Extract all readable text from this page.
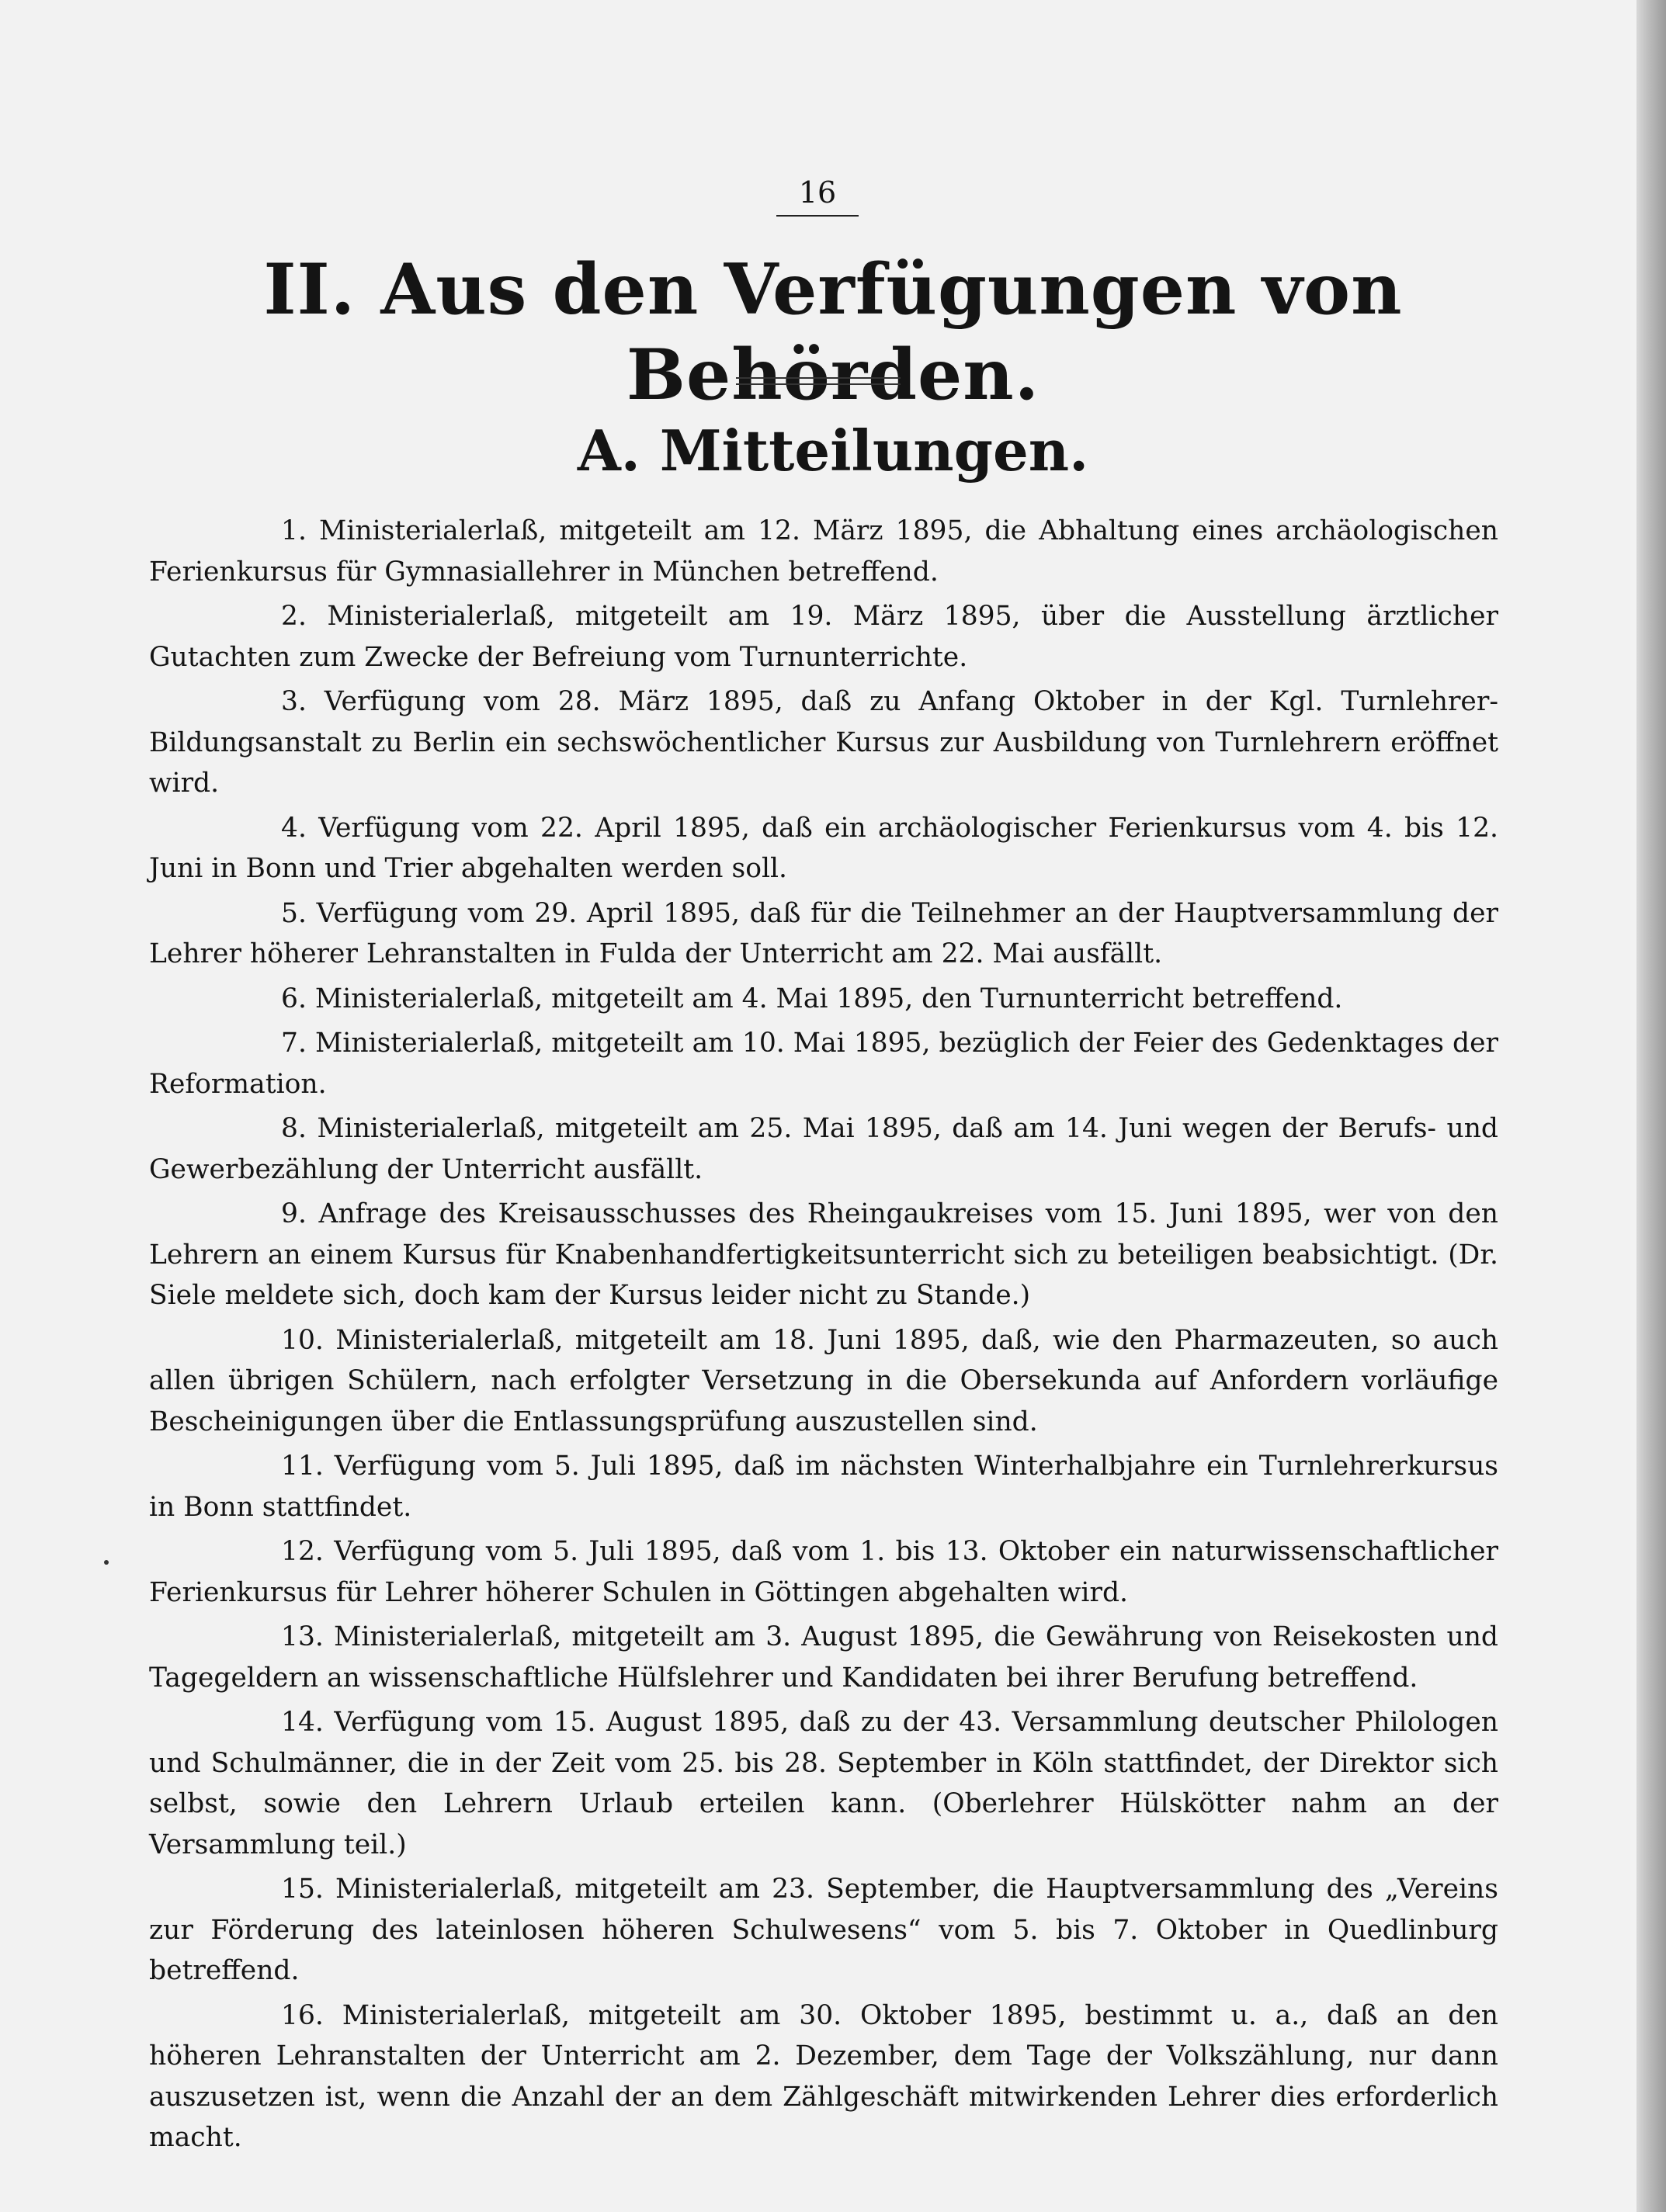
16
II. Aus den Verfügungen von Behörden.
A. Mitteilungen.

1. Ministerialerlaß, mitgeteilt am 12. März 1895, die Abhaltung eines archäologischen Ferienkursus für Gymnasiallehrer in München betreffend.

2. Ministerialerlaß, mitgeteilt am 19. März 1895, über die Ausstellung ärztlicher Gutachten zum Zwecke der Befreiung vom Turnunterrichte.

3. Verfügung vom 28. März 1895, daß zu Anfang Oktober in der Kgl. Turnlehrer-Bildungsanstalt zu Berlin ein sechswöchentlicher Kursus zur Ausbildung von Turnlehrern eröffnet wird.

4. Verfügung vom 22. April 1895, daß ein archäologischer Ferienkursus vom 4. bis 12. Juni in Bonn und Trier abgehalten werden soll.

5. Verfügung vom 29. April 1895, daß für die Teilnehmer an der Hauptversammlung der Lehrer höherer Lehranstalten in Fulda der Unterricht am 22. Mai ausfällt.

6. Ministerialerlaß, mitgeteilt am 4. Mai 1895, den Turnunterricht betreffend.

7. Ministerialerlaß, mitgeteilt am 10. Mai 1895, bezüglich der Feier des Gedenktages der Reformation.

8. Ministerialerlaß, mitgeteilt am 25. Mai 1895, daß am 14. Juni wegen der Berufs- und Gewerbezählung der Unterricht ausfällt.

9. Anfrage des Kreisausschusses des Rheingaukreises vom 15. Juni 1895, wer von den Lehrern an einem Kursus für Knabenhandfertigkeitsunterricht sich zu beteiligen beabsichtigt. (Dr. Siele meldete sich, doch kam der Kursus leider nicht zu Stande.)

10. Ministerialerlaß, mitgeteilt am 18. Juni 1895, daß, wie den Pharmazeuten, so auch allen übrigen Schülern, nach erfolgter Versetzung in die Obersekunda auf Anfordern vorläufige Bescheinigungen über die Entlassungsprüfung auszustellen sind.

11. Verfügung vom 5. Juli 1895, daß im nächsten Winterhalbjahre ein Turnlehrerkursus in Bonn stattfindet.

12. Verfügung vom 5. Juli 1895, daß vom 1. bis 13. Oktober ein naturwissenschaftlicher Ferienkursus für Lehrer höherer Schulen in Göttingen abgehalten wird.

13. Ministerialerlaß, mitgeteilt am 3. August 1895, die Gewährung von Reisekosten und Tagegeldern an wissenschaftliche Hülfslehrer und Kandidaten bei ihrer Berufung betreffend.

14. Verfügung vom 15. August 1895, daß zu der 43. Versammlung deutscher Philologen und Schulmänner, die in der Zeit vom 25. bis 28. September in Köln stattfindet, der Direktor sich selbst, sowie den Lehrern Urlaub erteilen kann. (Oberlehrer Hülskötter nahm an der Versammlung teil.)

15. Ministerialerlaß, mitgeteilt am 23. September, die Hauptversammlung des „Vereins zur Förderung des lateinlosen höheren Schulwesens“ vom 5. bis 7. Oktober in Quedlinburg betreffend.

16. Ministerialerlaß, mitgeteilt am 30. Oktober 1895, bestimmt u. a., daß an den höheren Lehranstalten der Unterricht am 2. Dezember, dem Tage der Volkszählung, nur dann auszusetzen ist, wenn die Anzahl der an dem Zählgeschäft mitwirkenden Lehrer dies erforderlich macht.
